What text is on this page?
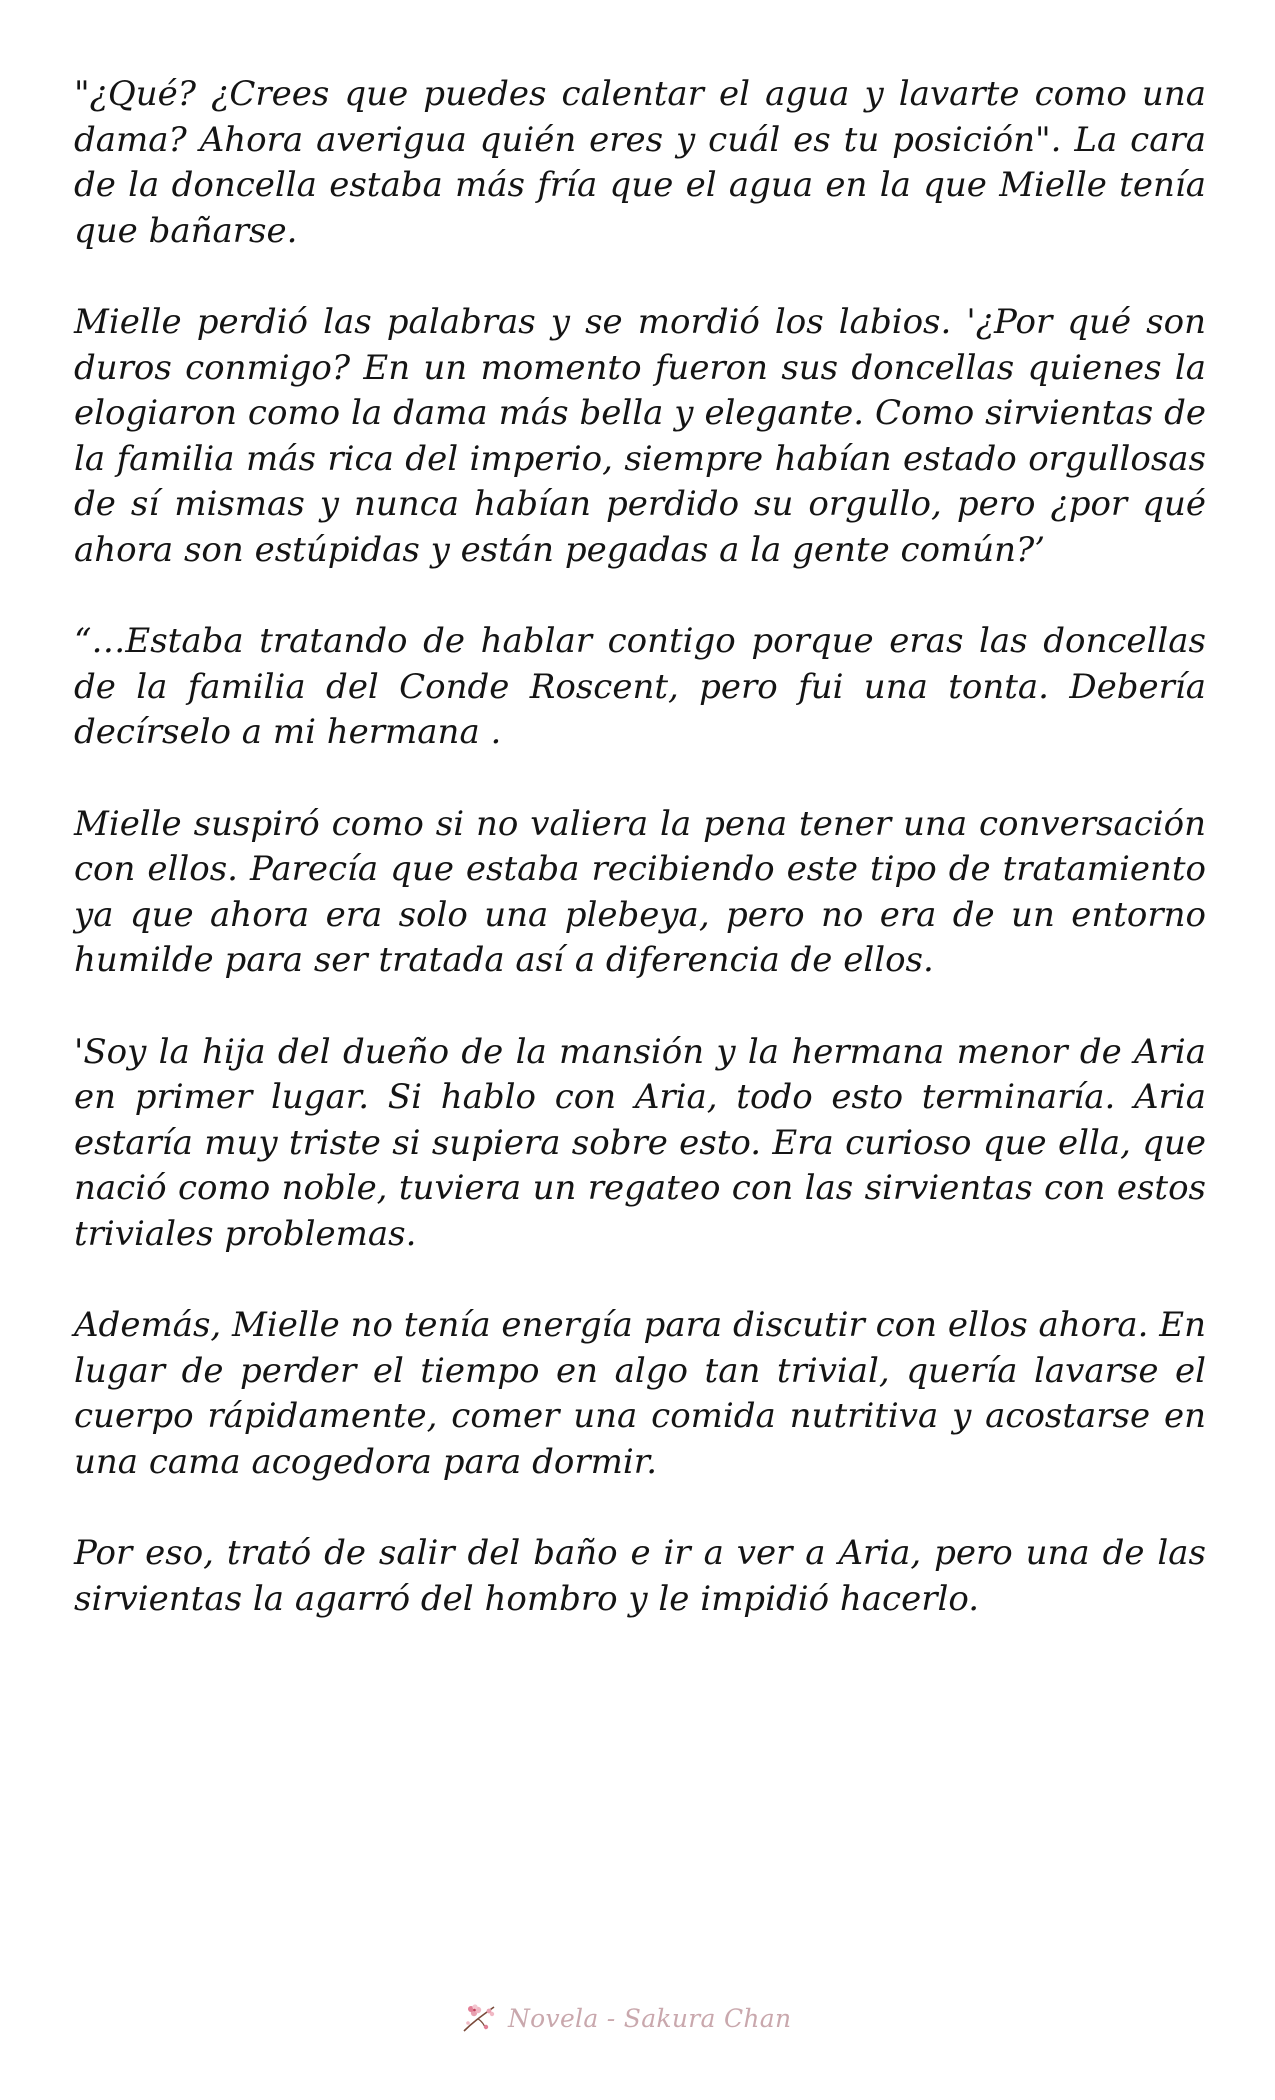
"¿Qué? ¿Crees que puedes calentar el agua y lavarte como una dama? Ahora averigua quién eres y cuál es tu posición". La cara de la doncella estaba más fría que el agua en la que Mielle tenía que bañarse.

Mielle perdió las palabras y se mordió los labios. '¿Por qué son duros conmigo? En un momento fueron sus doncellas quienes la elogiaron como la dama más bella y elegante. Como sirvientas de la familia más rica del imperio, siempre habían estado orgullosas de sí mismas y nunca habían perdido su orgullo, pero ¿por qué ahora son estúpidas y están pegadas a la gente común?’

“…Estaba tratando de hablar contigo porque eras las doncellas de la familia del Conde Roscent, pero fui una tonta. Debería decírselo a mi hermana .

Mielle suspiró como si no valiera la pena tener una conversación con ellos. Parecía que estaba recibiendo este tipo de tratamiento ya que ahora era solo una plebeya, pero no era de un entorno humilde para ser tratada así a diferencia de ellos.

'Soy la hija del dueño de la mansión y la hermana menor de Aria en primer lugar. Si hablo con Aria, todo esto terminaría. Aria estaría muy triste si supiera sobre esto. Era curioso que ella, que nació como noble, tuviera un regateo con las sirvientas con estos triviales problemas.

Además, Mielle no tenía energía para discutir con ellos ahora. En lugar de perder el tiempo en algo tan trivial, quería lavarse el cuerpo rápidamente, comer una comida nutritiva y acostarse en una cama acogedora para dormir.

Por eso, trató de salir del baño e ir a ver a Aria, pero una de las sirvientas la agarró del hombro y le impidió hacerlo.

Novela - Sakura Chan
